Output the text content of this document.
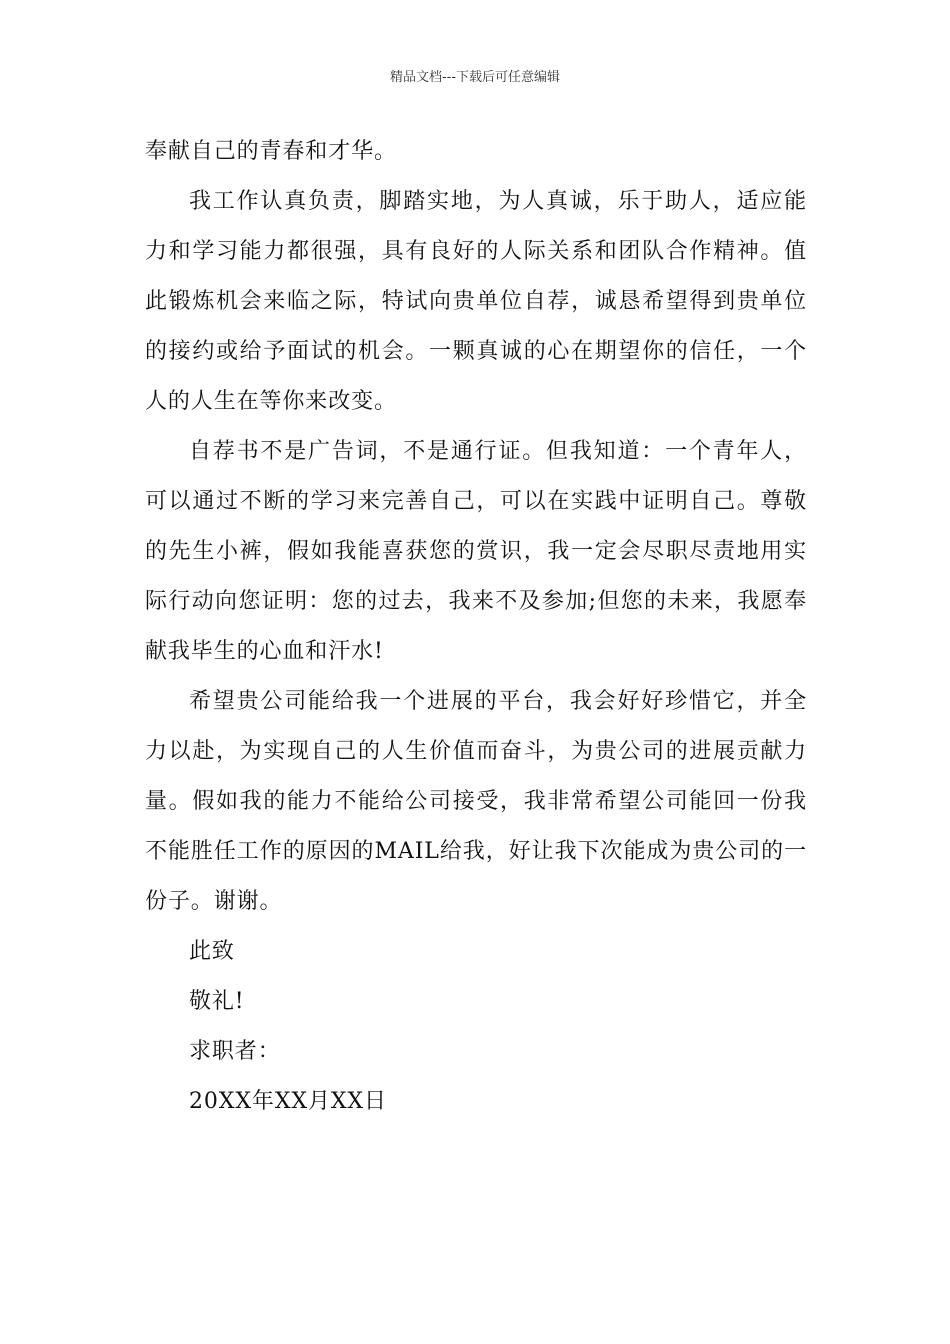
精品文档---下载后可任意编辑

奉献自己的青春和才华。

我工作认真负责，脚踏实地，为人真诚，乐于助人，适应能力和学习能力都很强，具有良好的人际关系和团队合作精神。值此锻炼机会来临之际，特试向贵单位自荐，诚恳希望得到贵单位的接约或给予面试的机会。一颗真诚的心在期望你的信任，一个人的人生在等你来改变。

自荐书不是广告词，不是通行证。但我知道：一个青年人，可以通过不断的学习来完善自己，可以在实践中证明自己。尊敬的先生小裤，假如我能喜获您的赏识，我一定会尽职尽责地用实际行动向您证明：您的过去，我来不及参加;但您的未来，我愿奉献我毕生的心血和汗水!

希望贵公司能给我一个进展的平台，我会好好珍惜它，并全力以赴，为实现自己的人生价值而奋斗，为贵公司的进展贡献力量。假如我的能力不能给公司接受，我非常希望公司能回一份我不能胜任工作的原因的MAIL给我，好让我下次能成为贵公司的一份子。谢谢。

此致

敬礼!

求职者：

20XX年XX月XX日
